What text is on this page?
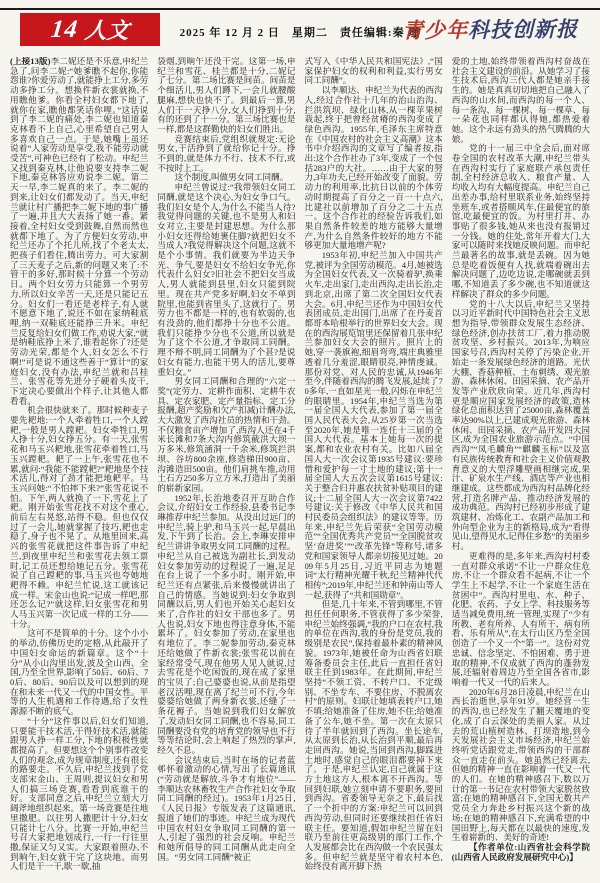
14 人文	2025 年 12 月 2 日　星期二　责任编辑:秦 瑾
青少年科技创新报

(上接13版)李二妮还是不乐意,申纪兰急了,问李二妮:“她爹瞧不起你,你能怨谁?你爱劳动了,就能挣上工分,多劳动多挣工分。想换件新衣裳就换,不用瞧他爹。你看全村妇女都下地了,就你在家,瞧他都笑话你哩。”这话说到了李二妮的痛处,李二妮也知道秦克林看不上自己,心里希望自己男人多喜欢自己一点。于是,她嘴上虽还说着“人家劳动是享受,我不能劳动就受苦”,可神色已经有了松动。申纪兰又找到秦克林,让他说要支持李二妮下地,秦克林答应劝说李二妮。第二天一早,李二妮真的来了。李二妮的到来,让妇女们都发动了。当天,申纪兰就让村广播把李二妮下地的事广播了一遍,并且大大表扬了她一番。紧接着,全村妇女受到鼓舞,自然而然也就都下地了。为了方便妇女劳动,申纪兰还办了个托儿所,找了个老太太,把孩子们看住,腾出劳力。可大家割了三天麦子之后,新的问题又来了:不管干的多好,那时候十分算一个劳动日。两个妇女劳力只能算一个男劳力,所以妇女辛苦一天,还是只能记五分。妇女们一看还是老样子,有人就不愿意下地了,说还不如在家纳鞋底哩,纳一双鞋底还能挣三升米。申纪兰反复给妇女们做工作,劝说大家,“就是纳鞋底挣上米了,谁看起你了?还是劳动光荣,都是个人,妇女怎么不行啊!”可是说不通这些善于“算计”的家庭妇女,没有办法,申纪兰就和吕桂兰、张雪花等先进分子硬着头皮干,下定决心要做出个样子,让其他人都看看。

机会很快就来了。那时候种麦子要先耙地:一个人牵着牲口,一个人蹚耙,一般是男人蹚耙。妇女牵牲口,男人挣十分,妇女挣五分。有一天,张雪花和马玉兴耙地,张雪花牵着牲口,马玉兴蹚耙。耙了一上午,张雪花也不累,就问:“我能不能蹚耙?”耙地是个技术活儿,得对了劲才能把地耙平。马玉兴问她:“不怕摔下来?”张雪花说不怕。下午,两人就换了一下,雪花上了耙。刚开始张雪花找不对这个重心,前后左右晃悠,站得不稳。但也仅仅过了一会儿,她就掌握了技巧,耙也走稳了,身子也不晃了。从地里回来,高兴的张雪花就把这件事告诉了申纪兰,到夜里申纪兰和张雪花去领工票时,记工员还想给她记五分。张雪花说了自己蹚耙的事,马玉兴也夸她地耙得不赖。申纪兰忙说,这工就该记成一样。宋金山也说:“记成一样吧,那还怎么记?”就这样,妇女张雪花和男人马玉兴第一次记成一样的工分——十分。

这可不是简单的十分。这个小小的举动,仿佛历史的定格,从此敲开了中国妇女命运的新篇章。这个“十分”从小山沟里出发,波及全山西、全国,乃至全世界,影响了50后、60后、70后、80后、90后以及可以想到的现在和未来一代又一代的中国女性。平等的人生机遇和工作待遇,给了女性源源不断的底气。

“十分”这件事以后,妇女们知道,只要能干技术活,干得好技术活,就能跟男人挣一样工分,下地的积极性就都提高了。但要想这个个别事件改变人们的观念,成为规章制度,还有很长的路要走。不久后,申纪兰找到了党支部宋金山、王周则,提议妇女和男人们搞三场竞赛,看看到底谁干的好。支部同意之后,申纪兰立刻大刀阔斧地组织起来。第一场竞赛是往地里撒肥。以往男人撒肥计十分,妇女只能计七八分。比赛一开始,申纪兰号召大家把地划成行,一行一行往里撒,保证又匀又实。大家跟着照办,不到晌午,妇女就干完了这块地。而男人们是干一干,歇一歇,抽

袋烟,到晌午还没干完。这第一场,申纪兰和雪花、桂兰都是十分,二妮记了七分。第二场比赛是间苗。间苗是个细活儿,男人们蹲下,一会儿就腰酸腿麻,想快也快不了。到最后一算,男人们干一天挣八分,女人们挣到十分,有的还到了十一分。第三场比赛也是一样,都是这群勤快的妇女们胜出。

竞赛结束后,党组织就规定:无论男女,干活挣到了就给你记十分。挣不到的,就是体力不行、技术不行,或不按时上工。

这个制度,叫做男女同工同酬。

申纪兰曾说过:“我带领妇女同工同酬,就是这个决心,为妇女争口气。我们妇女是个人,为什么不能当人待?我觉得问题的关键,也不是男人和妇女对立,主要是封建思想。为什么那小妇女还得给她裹住脚?就把妇女不当成人?我觉得解决这个问题,这就不是个小事情。我们就要为半边天争光、争气,要是妇女不给妇女争光,你代表什么妇女?旧社会不把妇女当成人,男人就能到县里,妇女只能到院里。现在共产党多好啊,妇女不单到院里,也能到省里头了,这就行了。男劳力也不都是一样的,也有软弱的,也有没劲的,他们都挣十分也不公道。我们只能挣少分也不公道,所以就是为了这个不公道,才争取同工同酬。理不辩不明,同工同酬为了个甚?是说妇女有能力,也能干男人的活儿,要尊重妇女。”

男女同工同酬和合理的“六定一奖”(定劳力、定耕作面积、定耕牛农具、定农家肥、定产量指标、定工分报酬,超产奖励和欠产扣减)计酬办法,大大激发了西沟社员的热情和干劲。不仅粮食亩产增加了,西沟人还在4千米长滩和7条大沟内修筑截洪大坝一万多米,修筑涵洞一千余米,修筑拦洪坝、谷坊800余座,修造梯田900亩、沟滩造田500亩。他们肩挑车推,动用土石方250多万立方米,打造出了美丽的崭新家园。

1952年,长治地委召开互助合作会议,介绍妇女工作经验,县委书记李琳推荐申纪兰参加。从没出过远门的申纪兰,骑上驴,和马玉兴一起,早晨出发,下午到了长治。会上,李琳安排申纪兰讲讲争取男女同工同酬的过程。申纪兰从自己被选为副社长,到发动妇女参加劳动的过程说了一遍,足足在台上说了一个多小时。刚开始,申纪兰还有点紧张,后来慢慢就讲出了自己的情感。当她说到:妇女争取到同酬以后,男人们也开始关心起妇女来了,合作社的妇女干部也多了。男人也说,妇女下地也得注意身体,不能累坏了。妇女参加了劳动,在家里也有地位了。李二妮参加劳动,秦克林还给她做了件新衣裳;张雪花以前在家经常受气,现在他男人见人就说,过去雪花是个吃闲饭的,现在成了家里的宝贝了;自己婆婆也说,从前是指望老汉活哩,现在离了纪兰可不行,今年婆婆给她做了两身新衣裳,还缝了一条花褥子。当她说到我们妇女解放了,发动妇女同工同酬,也不容易,同工同酬要没有党的培育党的领导也不行等等结论时,会上响起了热烈的掌声,经久不息。

会议结束后,当时在场的记者蓝邨怀着激动的心情,写出了长篇通讯(“劳动就是解放,斗争才有地位”——李顺达农林畜牧生产合作社妇女争取同工同酬的经过)。1953年1月25日,《人民日报》专版发表了这篇通讯,报道了她们的事迹。申纪兰成为现代中国农村妇女争取同工同酬的第一人,引起了强烈的社会反响。申纪兰和她所倡导的同工同酬从此走向全国。“男女同工同酬”被正

式写入《中华人民共和国宪法》,“国家保护妇女的权利和利益,实行男女同工同酬”。

以李顺达、申纪兰为代表的西沟人,经过合作社十几年的治山治沟、拦洪筑坝、绿化山林,从一棵苹果树栽起,终于把曾经贫瘠的西沟变成了绿色西沟。1955年,毛泽东主席特意在《中国农村的社会主义高潮》这本书中介绍西沟的文章写了编者按,指出:这个合作社办了3年,变成了一个包括283户的大社。……由于大家的努力,3年功夫,已经开始改变了面貌。劳动力的利用率,比抗日以前的个体劳动时期提高了百分之一百一十点六,比建社以前增加了百分之二十五点一。这个合作社的经验告诉我们,如果自然条件较差的地方能够大量增产,为什么自然条件较好的地方不能够更加大量地增产呢?

1953年初,申纪兰加入中国共产党,被评为全国劳动模范。4月,她被选为全国妇女代表,又一次骑着驴,换乘火车,走出家门,走出西沟,走出长治,走到北京,出席了第二次全国妇女代表大会。6月,申纪兰还作为中国妇女代表团成员,走出国门,出席了在丹麦首都哥本哈根举行的世界妇女大会。现在的西沟展览馆里还保留着几张申纪兰参加妇女大会的照片。照片上的她,穿一袭旗袍,细眉弯弯,端庄典雅里透着几分羞涩,眼睛很亮,神情虔诚。那份对党、对人民的忠诚,从1946年至今,伴随着西沟的腾飞发展,延续了70多年,一直如星光一般,闪烁在申纪兰的眼睛里。1954年,申纪兰当选为第一届全国人大代表,参加了第一届全国人民代表大会,从25岁第一次当选至2020年,她是唯一连任十三届的全国人大代表。基本上她每一次的提案,都和农业农村有关。比如八届全国人大一次会议第1935号建议:要珍惜和爱护每一寸土地的建议;第十一届全国人大五次会议第1615号建议:关于整合归并惠农扶贫补贴项目的建议;十二届全国人大一次会议第7422号建议:关于修改《中华人民共和国村民委员会组织法》的建议等等。历年来,申纪兰先后荣获“全国劳动模范”“全国优秀共产党员”“全国脱贫攻坚‘奋进奖’”“改革先锋”等称号,诸多党和国家领导人都亲切接见过她。2009年5月25日,习近平同志为她题词“太行精神光耀千秋,纪兰精神代代相传”;2019年,申纪兰还和钟南山等人一起,获得了“共和国勋章”。

但是,几十年来,不管到哪里,不管担任任何职务,不管获得了多少荣誉,申纪兰始终强调,“我的户口在农村,我的单位在西沟,我的身份是党员,我的级别是农民”,保持着最朴素的精神风貌。1973年,她被任命为山西省妇联筹备委员会主任,此后一直担任省妇联主任到1983年。在此期间,申纪兰坚持“不领工资、不转户口、不定级别、不坐专车、不要住房、不脱离农村”的原则。妇联让她填表转户口,她不填;给她准备了住房,她不住;给她准备了公车,她不坐。第一次在太原只待了半年就回到了西沟。坐长途车,从太原到长治,从长治到平顺,最后再走回西沟。她说,当回到西沟,脚踩进土地时,感觉自己的眼泪都要掉下来了。于是,申纪兰认定,自己就属于这方土地这方人,根本离不开西沟。等回到妇联,她立刻申请不要职务,要回到西沟。省委领导无奈之下,最后找了一个折中的方案:申纪兰可以回到西沟劳动,但同时还要继续担任省妇联主任。要知道,假如申纪兰留在妇联乃至前往更高级别的部门工作,个人发展都会比在西沟做一个农民强太多。但申纪兰就是坚守着农村本色,始终没有离开脚下热

爱的土地,始终带领着西沟村奋战在社会主义建设的前沿。从她学习了接生技术后,西沟三代人都是她亲手接生的。她是真真切切地把自己融入了西沟的山水间,而西沟的每一个人、每一条沟、每一棵树、每一棵草、每一朵花也同样都认得她,都热爱着她。这个永远有劲头的热气腾腾的大娘。

党的十一届三中全会后,面对席卷全国的农村改革大潮,申纪兰带头在西沟村实行了家庭联产承包责任制,全村经济总收入、粮食产量、人均收入均有大幅度提高。申纪兰自己出差办事,给村里联系业务,始终坚持坐班车,或者搭顺风车,住最便宜的旅馆,吃最便宜的饭。为村里打井、办事贴了很多钱,她从来也没有报销过一分钱。她的住处,常年开着大门,大家可以随时来找她反映问题。而申纪兰最著名的故事,就是丢碗。因为她总是吃着饭便有人找,就端着碗出去解决问题了,边吃边说,走哪碗就丢到哪,不知道丢了多少碗,也不知道就这样解决了群众的多少问题。

党的十八大以后,申纪兰又坚持以习近平新时代中国特色社会主义思想为指导,带领群众发展生态经济、绿色经济,创办扶贫工厂,着力推动脱贫攻坚、乡村振兴。2013年,为响应国家号召,西沟村关停了污染企业,开始走一条发展绿色经济的道路。光伏大棚、香菇种植、土布刺绣、观光旅游、森林休闲、田园采摘、农产品开发等产业欣欣向荣。近几年,西沟村更是顺应国家发展经济的政策,造林绿化总面积达到了25000亩,森林覆盖率达90%以上,已建成观光旅游、森林休闲、田园采摘、农产品开发四大园区,成为全国农业旅游示范点。“中国西沟”“凤毛麟角”“麒麟玉标”以及富有民族传统教育和社会主义价值观教育意义的大型浮雕壁画相继完成,果汁、矿泉水生产线、酒店等产业也相继建成。这些都成为西沟村品牌化经营,打造名牌产品、推动经济发展的成功典范。西沟村已经初步形成了建筑建材、冶炼化工、农副产品加工和外向型企业为主的新格局,成为“看得见山,望得见水,记得住乡愁”的美丽乡村。

更难得的是,多年来,西沟村村委一直对群众承诺“不让一户群众住危房,不让一个群众看不起病,不让一个学生上不起学,不让一个家庭生活在贫困中”。西沟村里电、水、种子、化肥、农药、子女上学、科技服务等适当减免费用,统一管理,实现了“少有所教、老有所养、人有所干、病有所看、乐有所从”,在太行山区乃至全国创造了一个又一个“第一”。这份对党忠诚、信念坚定、不怕困难、勇于进取的精神,不仅成就了西沟的蓬勃发展,还辐射着周边乃至全国各省市,影响着一代又一代的后来人。

2020年6月28日凌晨,申纪兰在山西长治逝世,享年91岁。她经营一生的西沟,也已经发生了翻天覆地的变化,成了白云深处的美丽人家。从过去的荒山植树造林、打坝造地,到今天发展社会主义市场经济,申纪兰始终听党话跟党走,带领西沟的干部群众一直走在前头。她虽然已经离去,但她的精神一直在影响着一代又一代的人们。在她的精神感召下,数以万计的第一书记在农村带领大家脱贫致富;在她的精神感召下,全国无数共产党员全力奔赴乡村振兴这个新的战场;在她的精神感召下,充满希望的中国田野上,每天都在以最快的速度,发生着崭新的、美好的奇迹!

【作者单位:山西省社会科学院(山西省人民政府发展研究中心)】
